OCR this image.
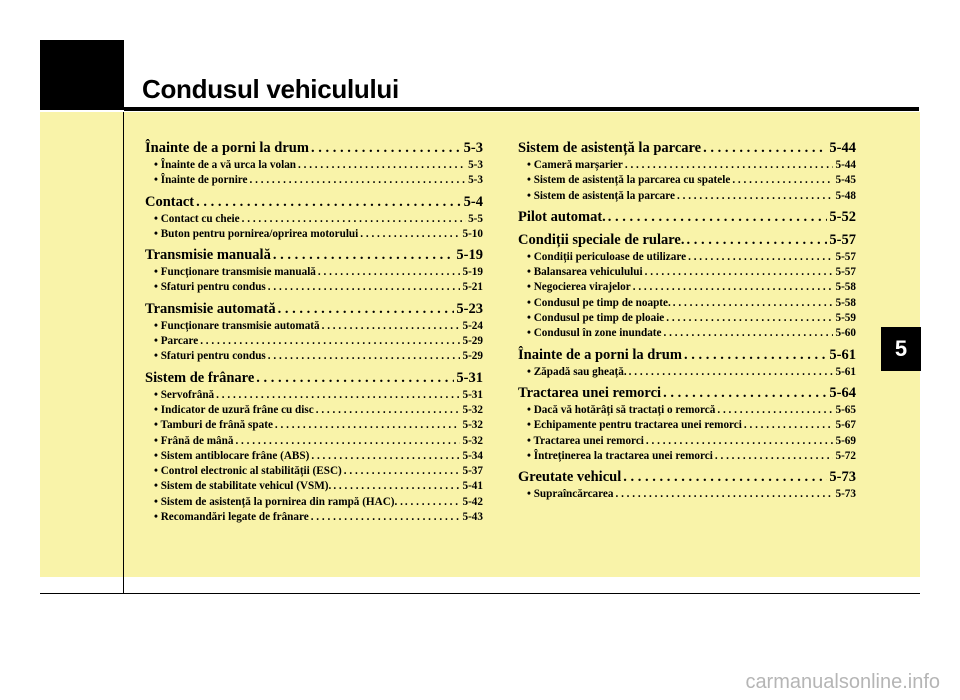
Condusul vehiculului
5
Înainte de a porni la drum . . .	5-3
• Înainte de a vă urca la volan . . .	5-3
• Înainte de pornire . . .	5-3
Contact . . .	5-4
• Contact cu cheie . . .	5-5
• Buton pentru pornirea/oprirea motorului . . .	5-10
Transmisie manuală . . .	5-19
• Funcționare transmisie manuală . . .	5-19
• Sfaturi pentru condus . . .	5-21
Transmisie automată . . .	5-23
• Funcționare transmisie automată . . .	5-24
• Parcare . . .	5-29
• Sfaturi pentru condus . . .	5-29
Sistem de frânare . . .	5-31
• Servofrână . . .	5-31
• Indicator de uzură frâne cu disc . . .	5-32
• Tamburi de frână spate . . .	5-32
• Frână de mână . . .	5-32
• Sistem antiblocare frâne (ABS) . . .	5-34
• Control electronic al stabilității (ESC) . . .	5-37
• Sistem de stabilitate vehicul (VSM). . . .	5-41
• Sistem de asistență la pornirea din rampă (HAC). . . . .	5-42
• Recomandări legate de frânare . . .	5-43
Sistem de asistență la parcare . . .	5-44
• Cameră marșarier . . .	5-44
• Sistem de asistență la parcarea cu spatele . . .	5-45
• Sistem de asistență la parcare . . .	5-48
Pilot automat. . . .	5-52
Condiții speciale de rulare. . . .	5-57
• Condiții periculoase de utilizare . . .	5-57
• Balansarea vehiculului . . .	5-57
• Negocierea virajelor . . .	5-58
• Condusul pe timp de noapte. . . .	5-58
• Condusul pe timp de ploaie . . .	5-59
• Condusul în zone inundate . . .	5-60
Înainte de a porni la drum . . .	5-61
• Zăpadă sau gheață. . . .	5-61
Tractarea unei remorci . . .	5-64
• Dacă vă hotărâți să tractați o remorcă . . .	5-65
• Echipamente pentru tractarea unei remorci . . .	5-67
• Tractarea unei remorci . . .	5-69
• Întreținerea la tractarea unei remorci . . .	5-72
Greutate vehicul . . .	5-73
• Supraîncărcarea . . .	5-73
carmanualsonline.info
